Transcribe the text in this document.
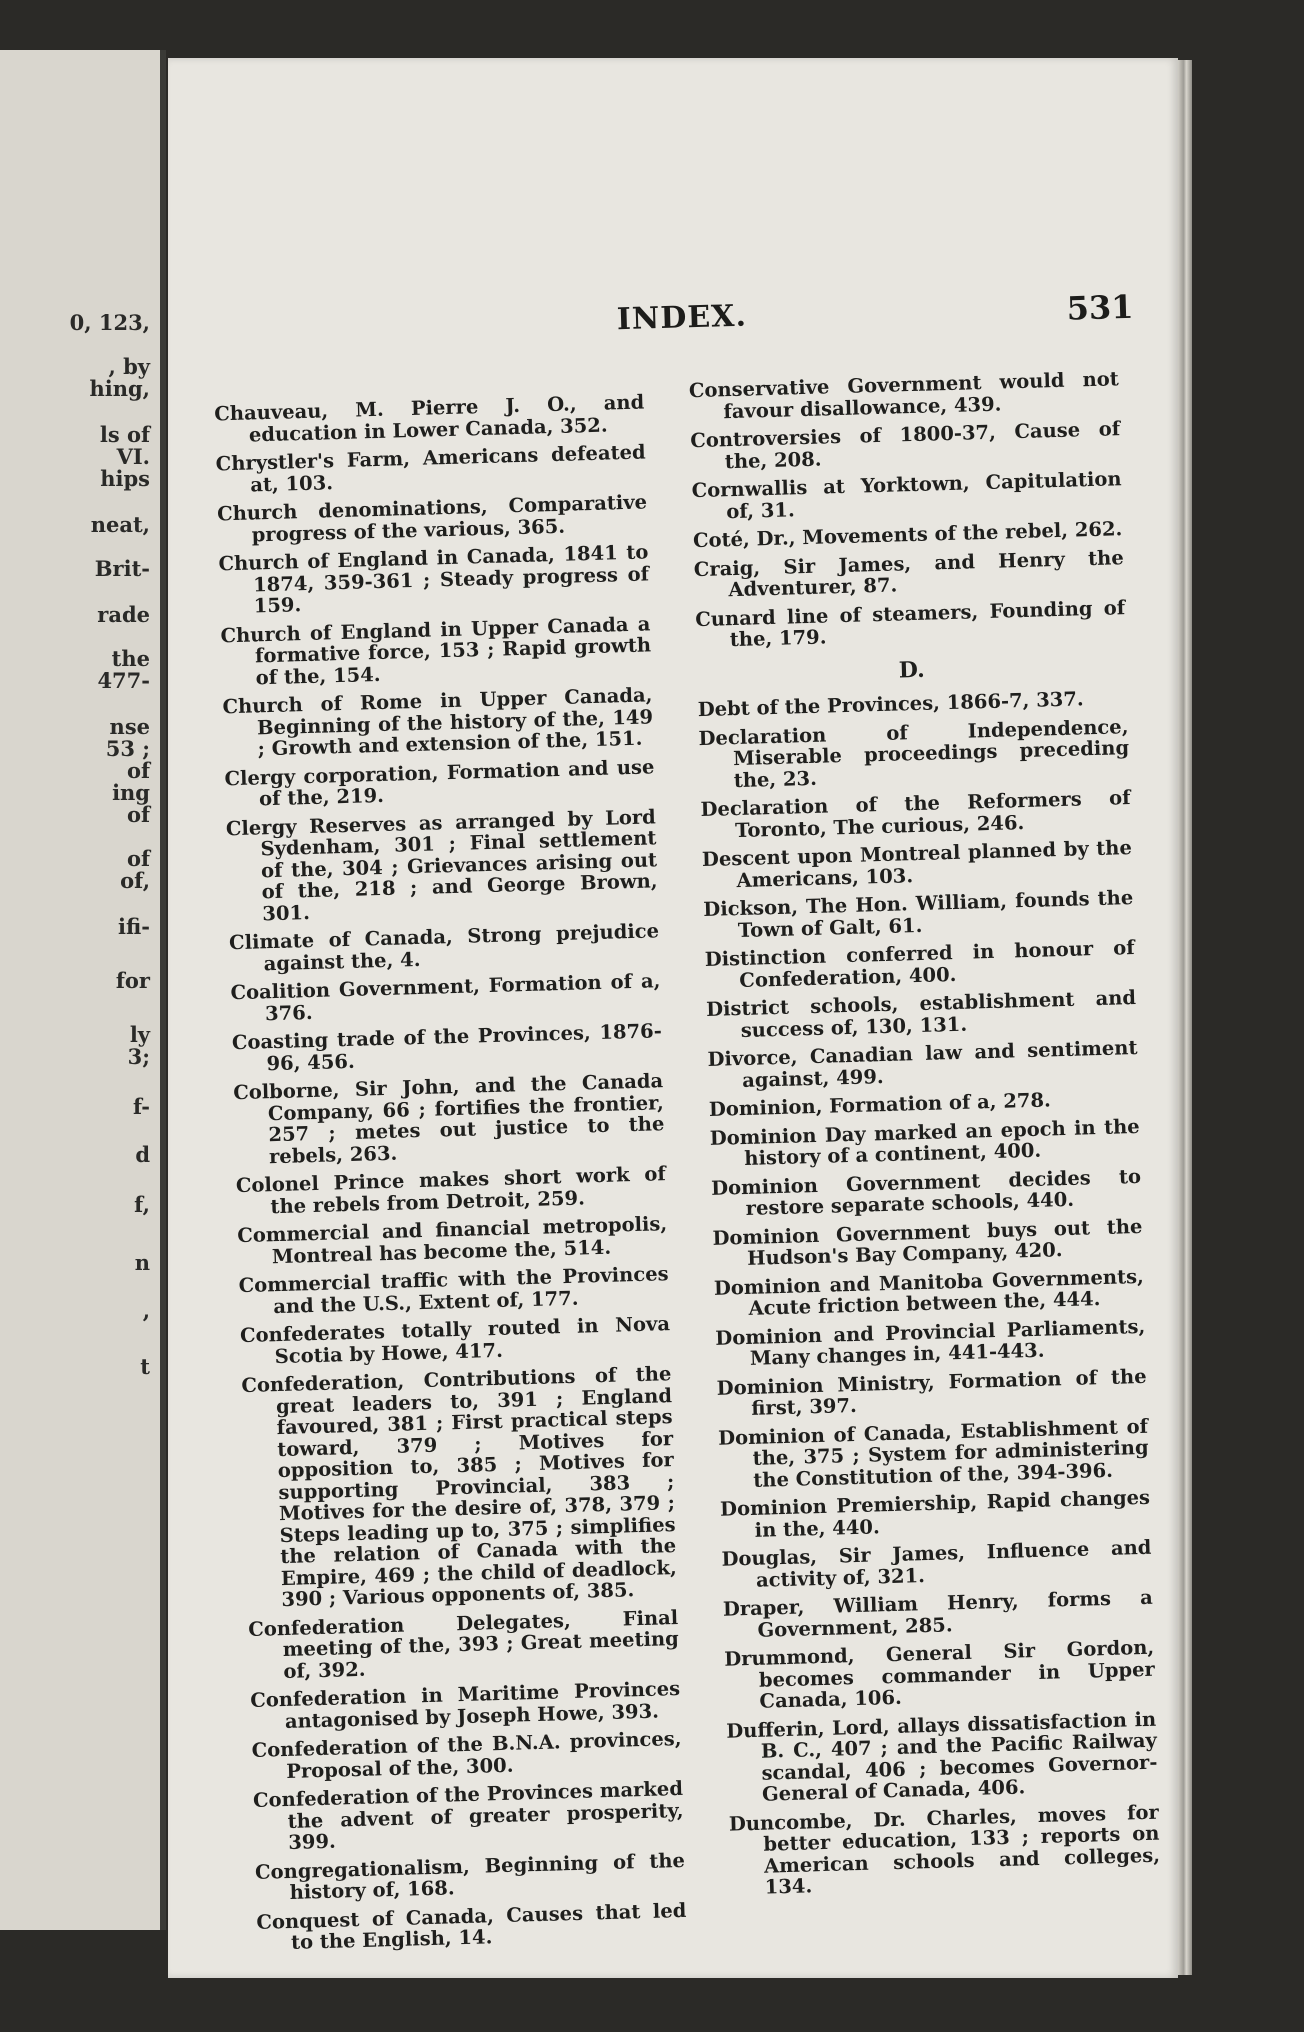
0, 123,
, by
hing,
ls of
VI.
hips
neat,
Brit-
rade
the
477-
nse
53 ;
of
ing
of
of
of,
ifi-
for
ly
3;
f-
d
f,
n
,
t
INDEX.	531

Chauveau, M. Pierre J. O., and education in Lower Canada, 352.

Chrystler's Farm, Americans defeated at, 103.

Church denominations, Comparative progress of the various, 365.

Church of England in Canada, 1841 to 1874, 359-361 ; Steady progress of 159.

Church of England in Upper Canada a formative force, 153 ; Rapid growth of the, 154.

Church of Rome in Upper Canada, Beginning of the history of the, 149 ; Growth and extension of the, 151.

Clergy corporation, Formation and use of the, 219.

Clergy Reserves as arranged by Lord Sydenham, 301 ; Final settlement of the, 304 ; Grievances arising out of the, 218 ; and George Brown, 301.

Climate of Canada, Strong prejudice against the, 4.

Coalition Government, Formation of a, 376.

Coasting trade of the Provinces, 1876-96, 456.

Colborne, Sir John, and the Canada Company, 66 ; fortifies the frontier, 257 ; metes out justice to the rebels, 263.

Colonel Prince makes short work of the rebels from Detroit, 259.

Commercial and financial metropolis, Montreal has become the, 514.

Commercial traffic with the Provinces and the U.S., Extent of, 177.

Confederates totally routed in Nova Scotia by Howe, 417.

Confederation, Contributions of the great leaders to, 391 ; England favoured, 381 ; First practical steps toward, 379 ; Motives for opposition to, 385 ; Motives for supporting Provincial, 383 ; Motives for the desire of, 378, 379 ; Steps leading up to, 375 ; simplifies the relation of Canada with the Empire, 469 ; the child of deadlock, 390 ; Various opponents of, 385.

Confederation Delegates, Final meeting of the, 393 ; Great meeting of, 392.

Confederation in Maritime Provinces antagonised by Joseph Howe, 393.

Confederation of the B.N.A. provinces, Proposal of the, 300.

Confederation of the Provinces marked the advent of greater prosperity, 399.

Congregationalism, Beginning of the history of, 168.

Conquest of Canada, Causes that led to the English, 14.

Conservative Government would not favour disallowance, 439.

Controversies of 1800-37, Cause of the, 208.

Cornwallis at Yorktown, Capitulation of, 31.

Coté, Dr., Movements of the rebel, 262.

Craig, Sir James, and Henry the Adventurer, 87.

Cunard line of steamers, Founding of the, 179.

D.

Debt of the Provinces, 1866-7, 337.

Declaration of Independence, Miserable proceedings preceding the, 23.

Declaration of the Reformers of Toronto, The curious, 246.

Descent upon Montreal planned by the Americans, 103.

Dickson, The Hon. William, founds the Town of Galt, 61.

Distinction conferred in honour of Confederation, 400.

District schools, establishment and success of, 130, 131.

Divorce, Canadian law and sentiment against, 499.

Dominion, Formation of a, 278.

Dominion Day marked an epoch in the history of a continent, 400.

Dominion Government decides to restore separate schools, 440.

Dominion Government buys out the Hudson's Bay Company, 420.

Dominion and Manitoba Governments, Acute friction between the, 444.

Dominion and Provincial Parliaments, Many changes in, 441-443.

Dominion Ministry, Formation of the first, 397.

Dominion of Canada, Establishment of the, 375 ; System for administering the Constitution of the, 394-396.

Dominion Premiership, Rapid changes in the, 440.

Douglas, Sir James, Influence and activity of, 321.

Draper, William Henry, forms a Government, 285.

Drummond, General Sir Gordon, becomes commander in Upper Canada, 106.

Dufferin, Lord, allays dissatisfaction in B. C., 407 ; and the Pacific Railway scandal, 406 ; becomes Governor-General of Canada, 406.

Duncombe, Dr. Charles, moves for better education, 133 ; reports on American schools and colleges, 134.
